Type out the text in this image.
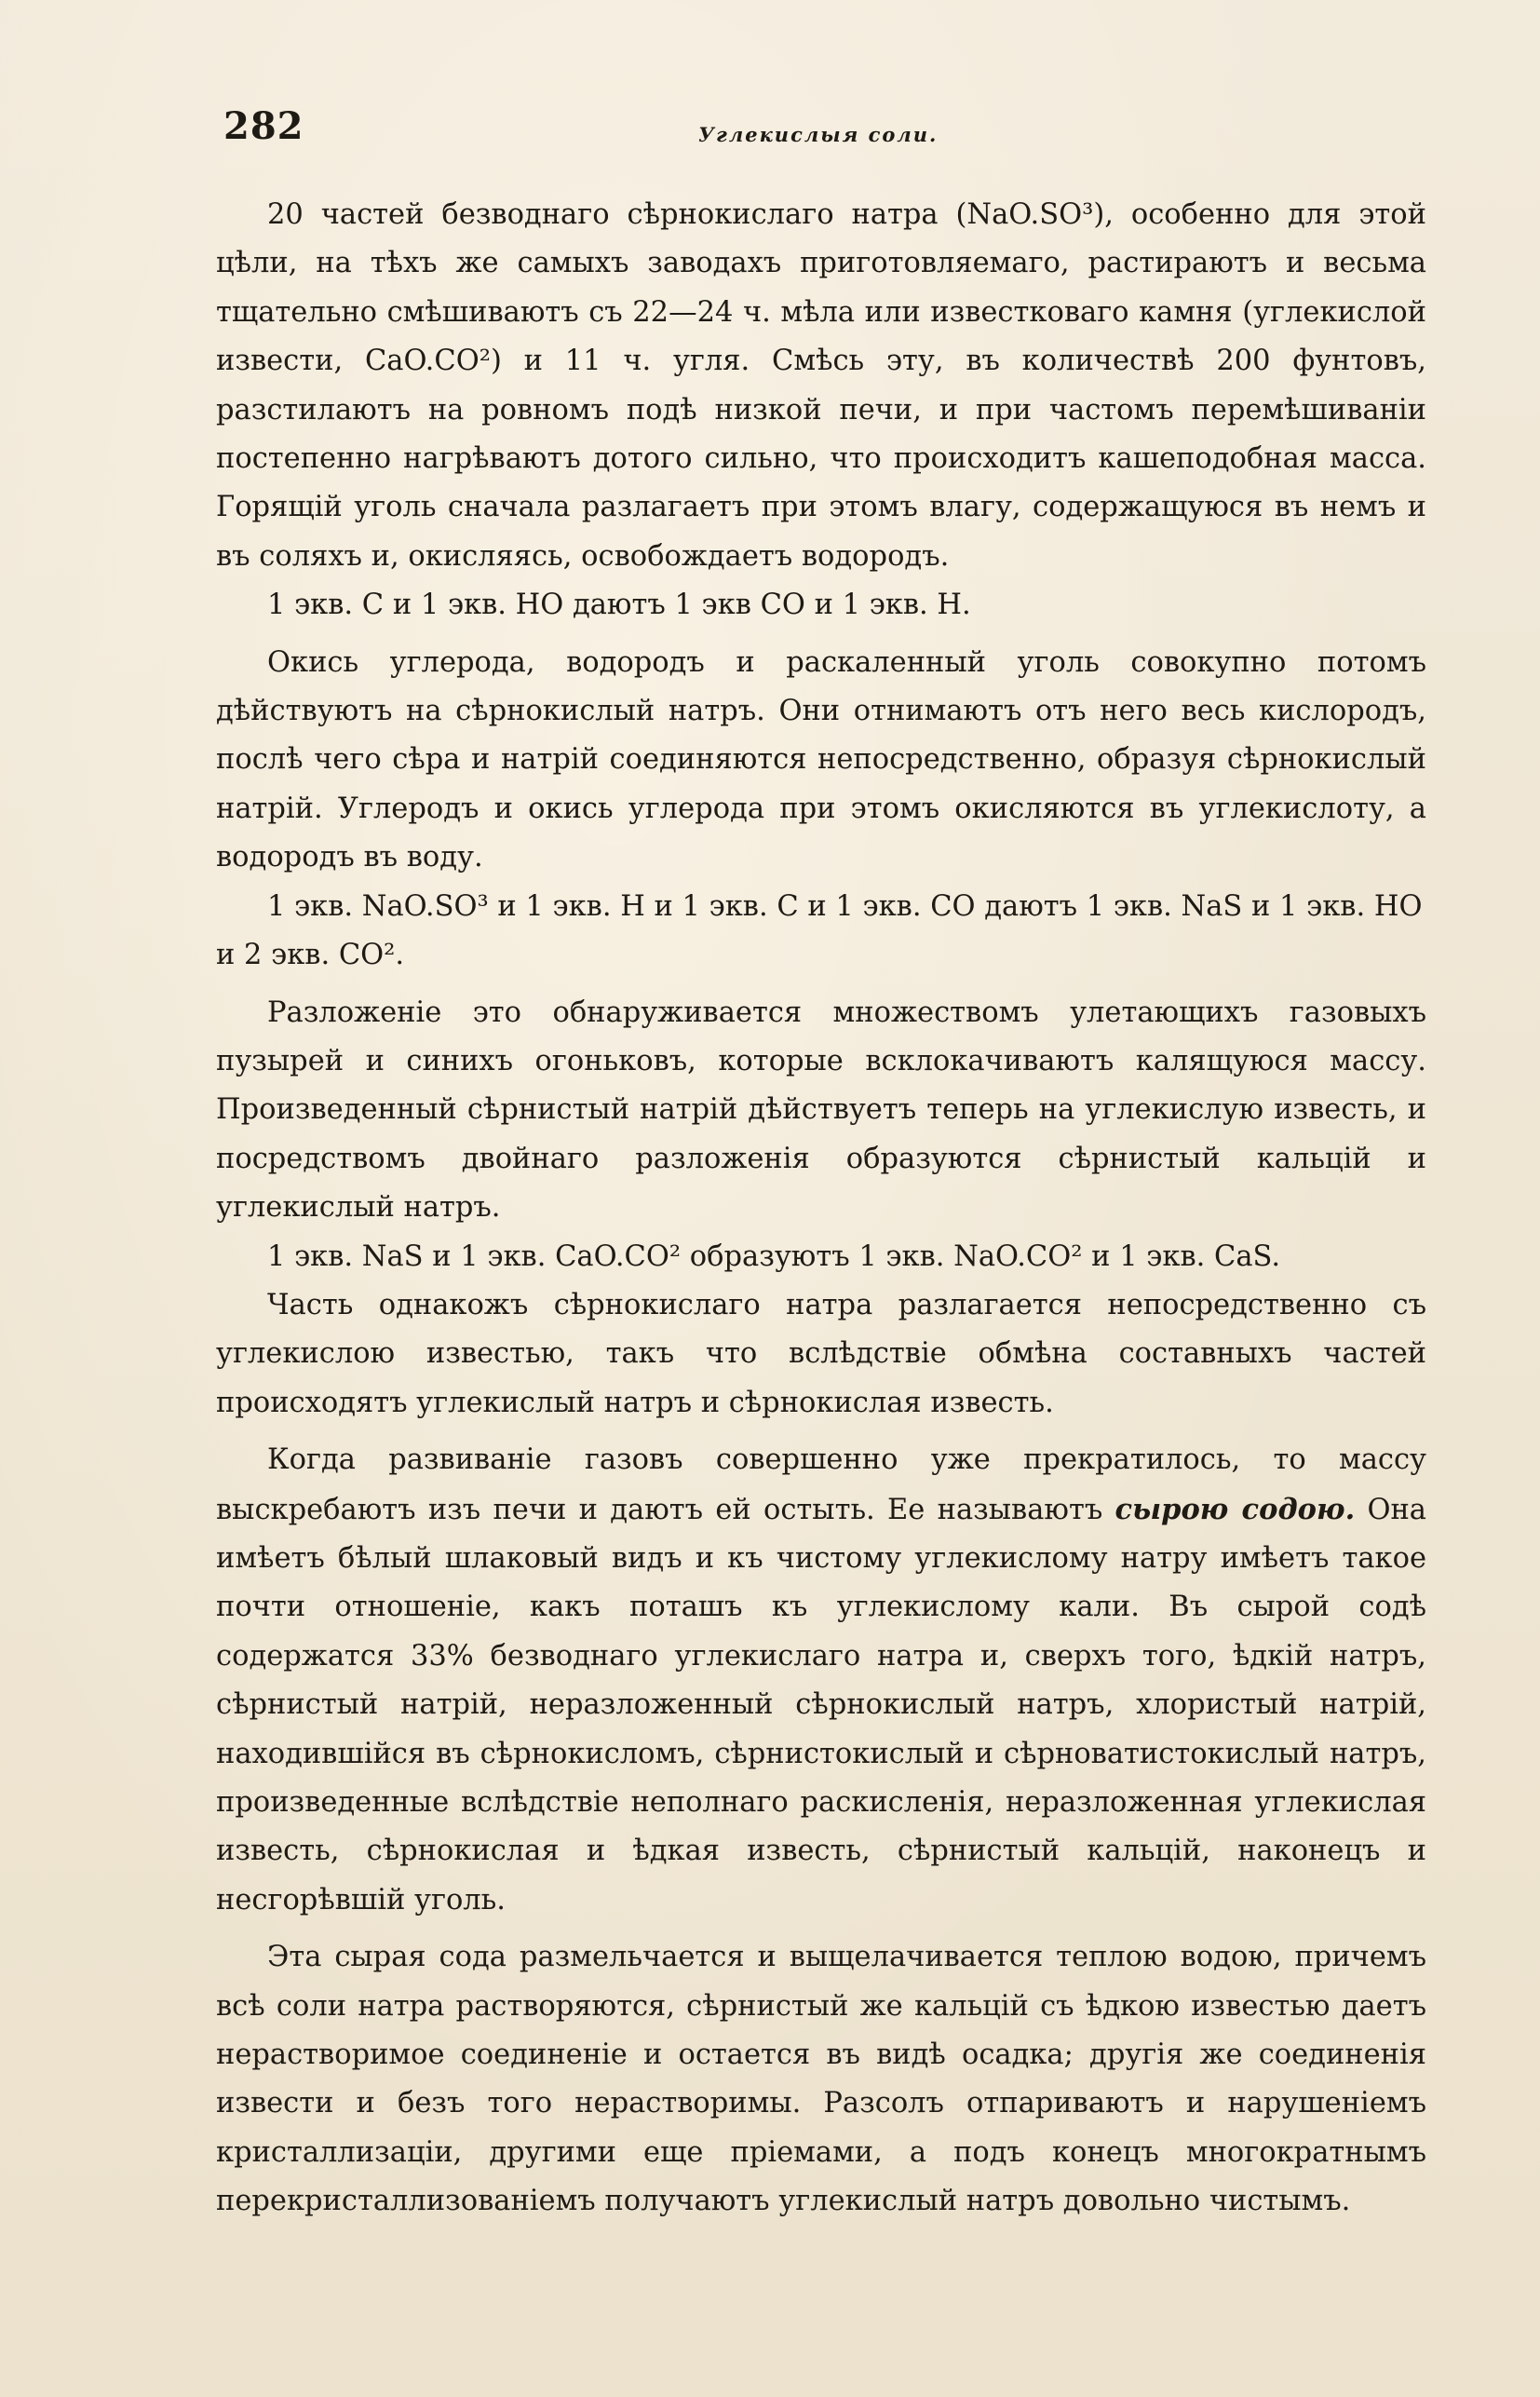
282	Углекислыя соли.

20 частей безводнаго сѣрнокислаго натра (NaO.SO³), особенно для этой цѣли, на тѣхъ же самыхъ заводахъ приготовляемаго, растираютъ и весьма тщательно смѣшиваютъ съ 22—24 ч. мѣла или известковаго камня (углекислой извести, CaO.CO²) и 11 ч. угля. Смѣсь эту, въ количествѣ 200 фунтовъ, разстилаютъ на ровномъ подѣ низкой печи, и при частомъ перемѣшиваніи постепенно нагрѣваютъ дотого сильно, что происходитъ кашеподобная масса. Горящій уголь сначала разлагаетъ при этомъ влагу, содержащуюся въ немъ и въ соляхъ и, окисляясь, освобождаетъ водородъ.

1 экв. C и 1 экв. HO даютъ 1 экв CO и 1 экв. H.

Окись углерода, водородъ и раскаленный уголь совокупно потомъ дѣйствуютъ на сѣрнокислый натръ. Они отнимаютъ отъ него весь кислородъ, послѣ чего сѣра и натрій соединяются непосредственно, образуя сѣрнокислый натрій. Углеродъ и окись углерода при этомъ окисляются въ углекислоту, а водородъ въ воду.

1 экв. NaO.SO³ и 1 экв. H и 1 экв. C и 1 экв. CO даютъ 1 экв. NaS и 1 экв. HO и 2 экв. CO².

Разложеніе это обнаруживается множествомъ улетающихъ газовыхъ пузырей и синихъ огоньковъ, которые всклокачиваютъ калящуюся массу. Произведенный сѣрнистый натрій дѣйствуетъ теперь на углекислую известь, и посредствомъ двойнаго разложенія образуются сѣрнистый кальцій и углекислый натръ.

1 экв. NaS и 1 экв. CaO.CO² образуютъ 1 экв. NaO.CO² и 1 экв. CaS.

Часть однакожъ сѣрнокислаго натра разлагается непосредственно съ углекислою известью, такъ что вслѣдствіе обмѣна составныхъ частей происходятъ углекислый натръ и сѣрнокислая известь.

Когда развиваніе газовъ совершенно уже прекратилось, то массу выскребаютъ изъ печи и даютъ ей остыть. Ее называютъ сырою содою. Она имѣетъ бѣлый шлаковый видъ и къ чистому углекислому натру имѣетъ такое почти отношеніе, какъ поташъ къ углекислому кали. Въ сырой содѣ содержатся 33% безводнаго углекислаго натра и, сверхъ того, ѣдкій натръ, сѣрнистый натрій, неразложенный сѣрнокислый натръ, хлористый натрій, находившійся въ сѣрнокисломъ, сѣрнистокислый и сѣрноватистокислый натръ, произведенные вслѣдствіе неполнаго раскисленія, неразложенная углекислая известь, сѣрнокислая и ѣдкая известь, сѣрнистый кальцій, наконецъ и несгорѣвшій уголь.

Эта сырая сода размельчается и выщелачивается теплою водою, причемъ всѣ соли натра растворяются, сѣрнистый же кальцій съ ѣдкою известью даетъ нерастворимое соединеніе и остается въ видѣ осадка; другія же соединенія извести и безъ того нерастворимы. Разсолъ отпариваютъ и нарушеніемъ кристаллизаціи, другими еще пріемами, а подъ конецъ многократнымъ перекристаллизованіемъ получаютъ углекислый натръ довольно чистымъ.
